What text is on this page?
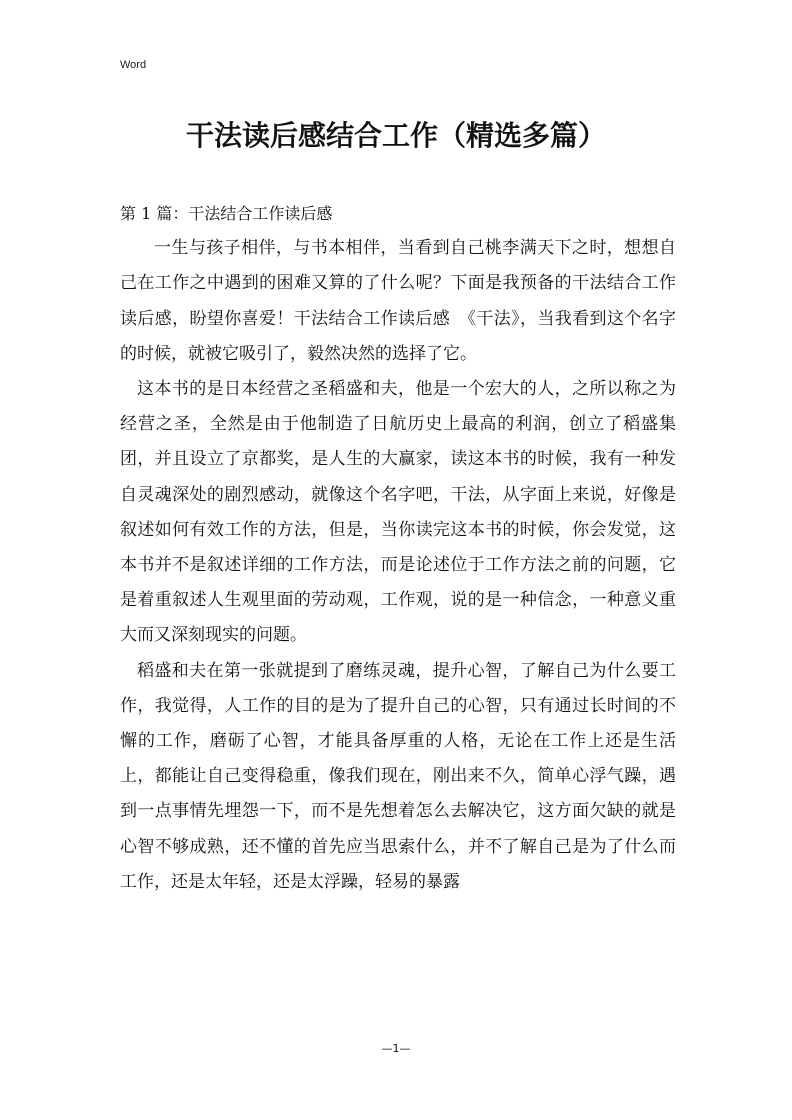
Word
干法读后感结合工作（精选多篇）

第 1 篇：干法结合工作读后感

一生与孩子相伴，与书本相伴，当看到自己桃李满天下之时，想想自己在工作之中遇到的困难又算的了什么呢？下面是我预备的干法结合工作读后感，盼望你喜爱！干法结合工作读后感　《干法》，当我看到这个名字的时候，就被它吸引了，毅然决然的选择了它。

这本书的是日本经营之圣稻盛和夫，他是一个宏大的人，之所以称之为经营之圣，全然是由于他制造了日航历史上最高的利润，创立了稻盛集团，并且设立了京都奖，是人生的大赢家，读这本书的时候，我有一种发自灵魂深处的剧烈感动，就像这个名字吧，干法，从字面上来说，好像是叙述如何有效工作的方法，但是，当你读完这本书的时候，你会发觉，这本书并不是叙述详细的工作方法，而是论述位于工作方法之前的问题，它是着重叙述人生观里面的劳动观，工作观，说的是一种信念，一种意义重大而又深刻现实的问题。

稻盛和夫在第一张就提到了磨练灵魂，提升心智，了解自己为什么要工作，我觉得，人工作的目的是为了提升自己的心智，只有通过长时间的不懈的工作，磨砺了心智，才能具备厚重的人格，无论在工作上还是生活上，都能让自己变得稳重，像我们现在，刚出来不久，简单心浮气躁，遇到一点事情先埋怨一下，而不是先想着怎么去解决它，这方面欠缺的就是心智不够成熟，还不懂的首先应当思索什么，并不了解自己是为了什么而工作，还是太年轻，还是太浮躁，轻易的暴露

—1—
